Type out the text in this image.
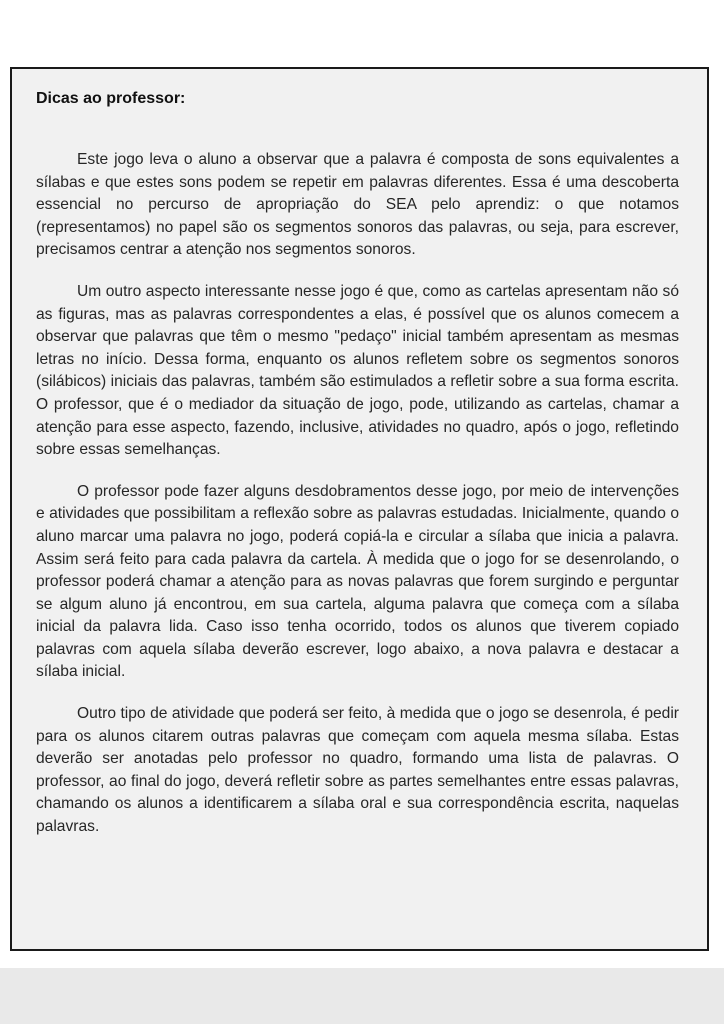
Dicas ao professor:

Este jogo leva o aluno a observar que a palavra é composta de sons equivalentes a sílabas e que estes sons podem se repetir em palavras diferentes. Essa é uma descoberta essencial no percurso de apropriação do SEA pelo aprendiz: o que notamos (representamos) no papel são os segmentos sonoros das palavras, ou seja, para escrever, precisamos centrar a atenção nos segmentos sonoros.

Um outro aspecto interessante nesse jogo é que, como as cartelas apresentam não só as figuras, mas as palavras correspondentes a elas, é possível que os alunos comecem a observar que palavras que têm o mesmo "pedaço" inicial também apresentam as mesmas letras no início. Dessa forma, enquanto os alunos refletem sobre os segmentos sonoros (silábicos) iniciais das palavras, também são estimulados a refletir sobre a sua forma escrita. O professor, que é o mediador da situação de jogo, pode, utilizando as cartelas, chamar a atenção para esse aspecto, fazendo, inclusive, atividades no quadro, após o jogo, refletindo sobre essas semelhanças.

O professor pode fazer alguns desdobramentos desse jogo, por meio de intervenções e atividades que possibilitam a reflexão sobre as palavras estudadas. Inicialmente, quando o aluno marcar uma palavra no jogo, poderá copiá-la e circular a sílaba que inicia a palavra. Assim será feito para cada palavra da cartela. À medida que o jogo for se desenrolando, o professor poderá chamar a atenção para as novas palavras que forem surgindo e perguntar se algum aluno já encontrou, em sua cartela, alguma palavra que começa com a sílaba inicial da palavra lida. Caso isso tenha ocorrido, todos os alunos que tiverem copiado palavras com aquela sílaba deverão escrever, logo abaixo, a nova palavra e destacar a sílaba inicial.

Outro tipo de atividade que poderá ser feito, à medida que o jogo se desenrola, é pedir para os alunos citarem outras palavras que começam com aquela mesma sílaba. Estas deverão ser anotadas pelo professor no quadro, formando uma lista de palavras. O professor, ao final do jogo, deverá refletir sobre as partes semelhantes entre essas palavras, chamando os alunos a identificarem a sílaba oral e sua correspondência escrita, naquelas palavras.
